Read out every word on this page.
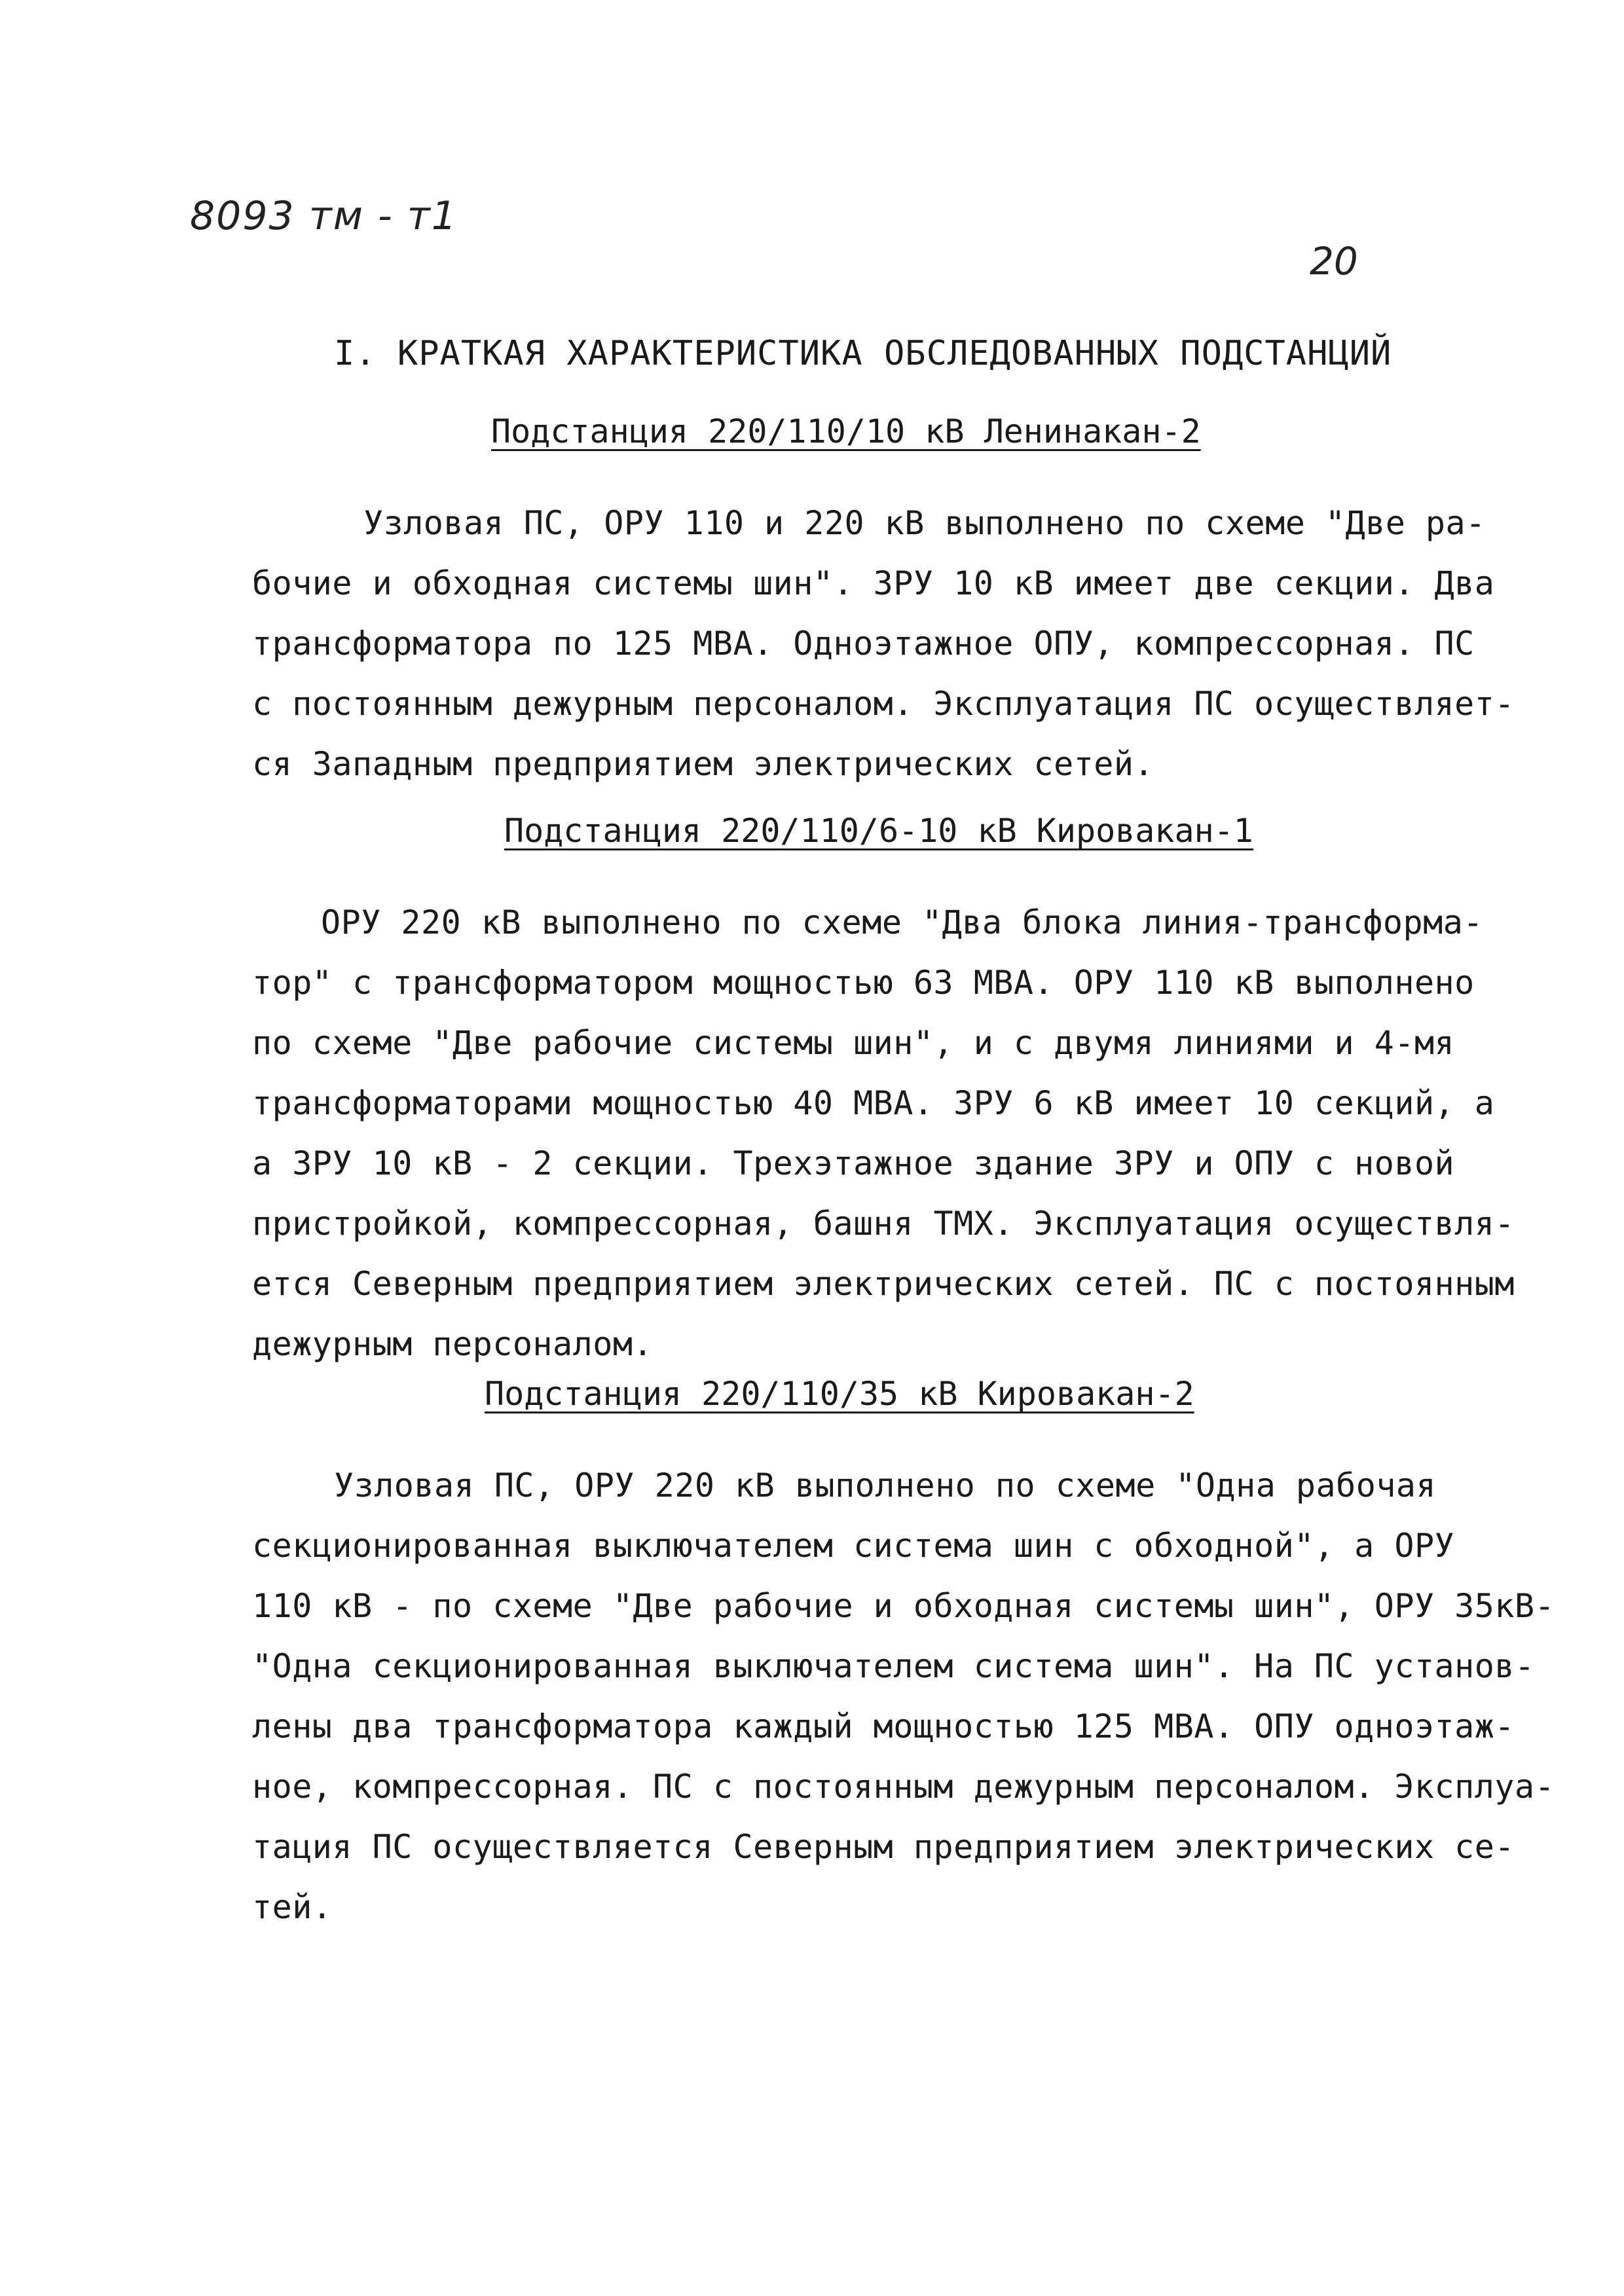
8093 тм - т1
20
I. КРАТКАЯ ХАРАКТЕРИСТИКА ОБСЛЕДОВАННЫХ ПОДСТАНЦИЙ
Подстанция 220/110/10 кВ Ленинакан-2
Узловая ПС, ОРУ 110 и 220 кВ выполнено по схеме "Две ра-
бочие и обходная системы шин". ЗРУ 10 кВ имеет две секции. Два
трансформатора по 125 МВА. Одноэтажное ОПУ, компрессорная. ПС
с постоянным дежурным персоналом. Эксплуатация ПС осуществляет-
ся Западным предприятием электрических сетей.
Подстанция 220/110/6-10 кВ Кировакан-1
ОРУ 220 кВ выполнено по схеме "Два блока линия-трансформа-
тор" с трансформатором мощностью 63 МВА. ОРУ 110 кВ выполнено
по схеме "Две рабочие системы шин", и с двумя линиями и 4-мя
трансформаторами мощностью 40 МВА. ЗРУ 6 кВ имеет 10 секций, а
а ЗРУ 10 кВ - 2 секции. Трехэтажное здание ЗРУ и ОПУ с новой
пристройкой, компрессорная, башня ТМХ. Эксплуатация осуществля-
ется Северным предприятием электрических сетей. ПС с постоянным
дежурным персоналом.
Подстанция 220/110/35 кВ Кировакан-2
Узловая ПС, ОРУ 220 кВ выполнено по схеме "Одна рабочая
секционированная выключателем система шин с обходной", а ОРУ
110 кВ - по схеме "Две рабочие и обходная системы шин", ОРУ 35кВ-
"Одна секционированная выключателем система шин". На ПС установ-
лены два трансформатора каждый мощностью 125 МВА. ОПУ одноэтаж-
ное, компрессорная. ПС с постоянным дежурным персоналом. Эксплуа-
тация ПС осуществляется Северным предприятием электрических се-
тей.
